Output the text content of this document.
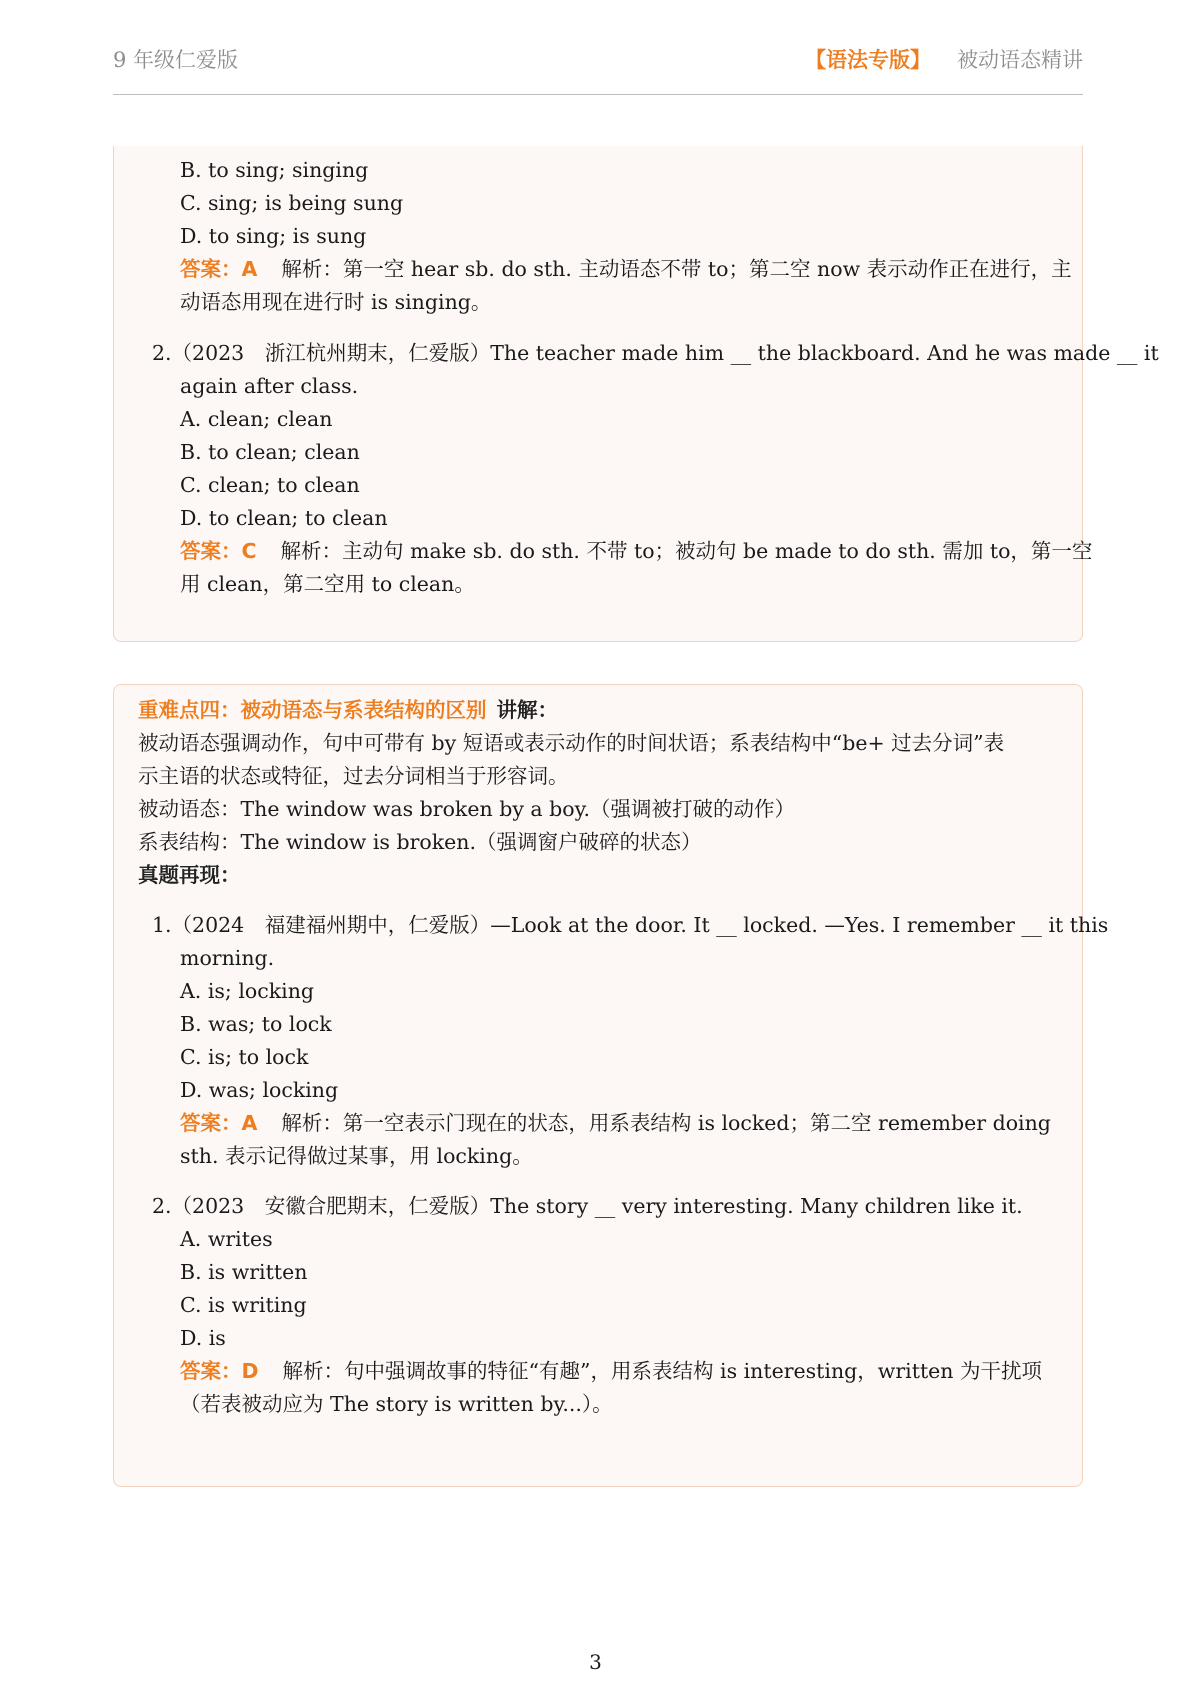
9 年级仁爱版	【语法专版】 被动语态精讲
B. to sing; singing
C. sing; is being sung
D. to sing; is sung
答案：A 解析：第一空 hear sb. do sth. 主动语态不带 to；第二空 now 表示动作正在进行，主
动语态用现在进行时 is singing。
2.（2023　浙江杭州期末，仁爱版）The teacher made him __ the blackboard. And he was made __ it
again after class.
A. clean; clean
B. to clean; clean
C. clean; to clean
D. to clean; to clean
答案：C 解析：主动句 make sb. do sth. 不带 to；被动句 be made to do sth. 需加 to，第一空
用 clean，第二空用 to clean。
重难点四：被动语态与系表结构的区别 讲解：
被动语态强调动作，句中可带有 by 短语或表示动作的时间状语；系表结构中“be+ 过去分词”表
示主语的状态或特征，过去分词相当于形容词。
被动语态：The window was broken by a boy.（强调被打破的动作）
系表结构：The window is broken.（强调窗户破碎的状态）
真题再现：
1.（2024　福建福州期中，仁爱版）—Look at the door. It __ locked. —Yes. I remember __ it this
morning.
A. is; locking
B. was; to lock
C. is; to lock
D. was; locking
答案：A 解析：第一空表示门现在的状态，用系表结构 is locked；第二空 remember doing
sth. 表示记得做过某事，用 locking。
2.（2023　安徽合肥期末，仁爱版）The story __ very interesting. Many children like it.
A. writes
B. is written
C. is writing
D. is
答案：D 解析：句中强调故事的特征“有趣”，用系表结构 is interesting，written 为干扰项
（若表被动应为 The story is written by...）。
3
